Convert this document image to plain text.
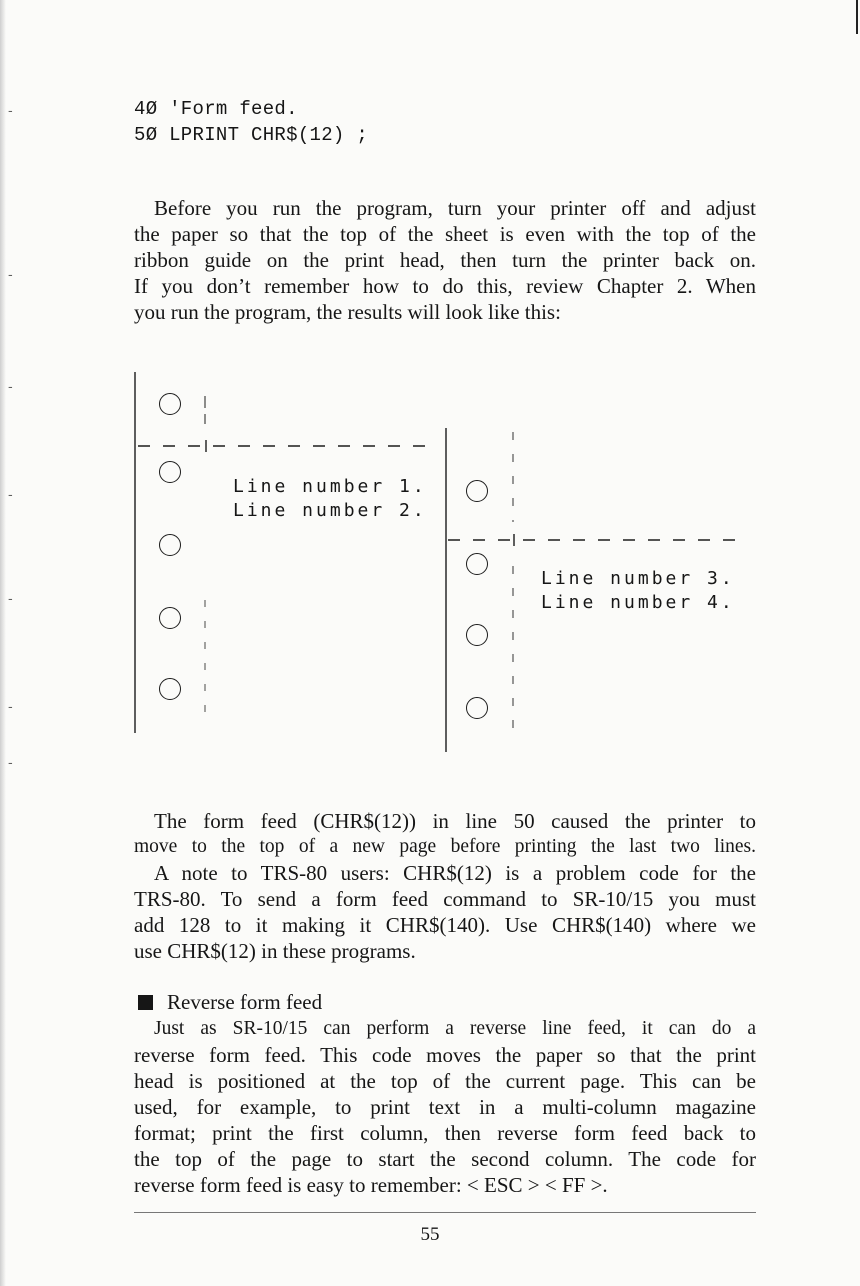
-
-
-
-
-
-
-
4Ø 'Form feed.
5Ø LPRINT CHR$(12) ;
Before you run the program, turn your printer off and adjust
the paper so that the top of the sheet is even with the top of the
ribbon guide on the print head, then turn the printer back on.
If you don’t remember how to do this, review Chapter 2. When
you run the program, the results will look like this:
Line number 1.
Line number 2.
Line number 3.
Line number 4.
The form feed (CHR$(12)) in line 50 caused the printer to
move to the top of a new page before printing the last two lines.
A note to TRS-80 users: CHR$(12) is a problem code for the
TRS-80. To send a form feed command to SR-10/15 you must
add 128 to it making it CHR$(140). Use CHR$(140) where we
use CHR$(12) in these programs.
Reverse form feed
Just as SR-10/15 can perform a reverse line feed, it can do a
reverse form feed. This code moves the paper so that the print
head is positioned at the top of the current page. This can be
used, for example, to print text in a multi-column magazine
format; print the first column, then reverse form feed back to
the top of the page to start the second column. The code for
reverse form feed is easy to remember: < ESC > < FF >.
55
